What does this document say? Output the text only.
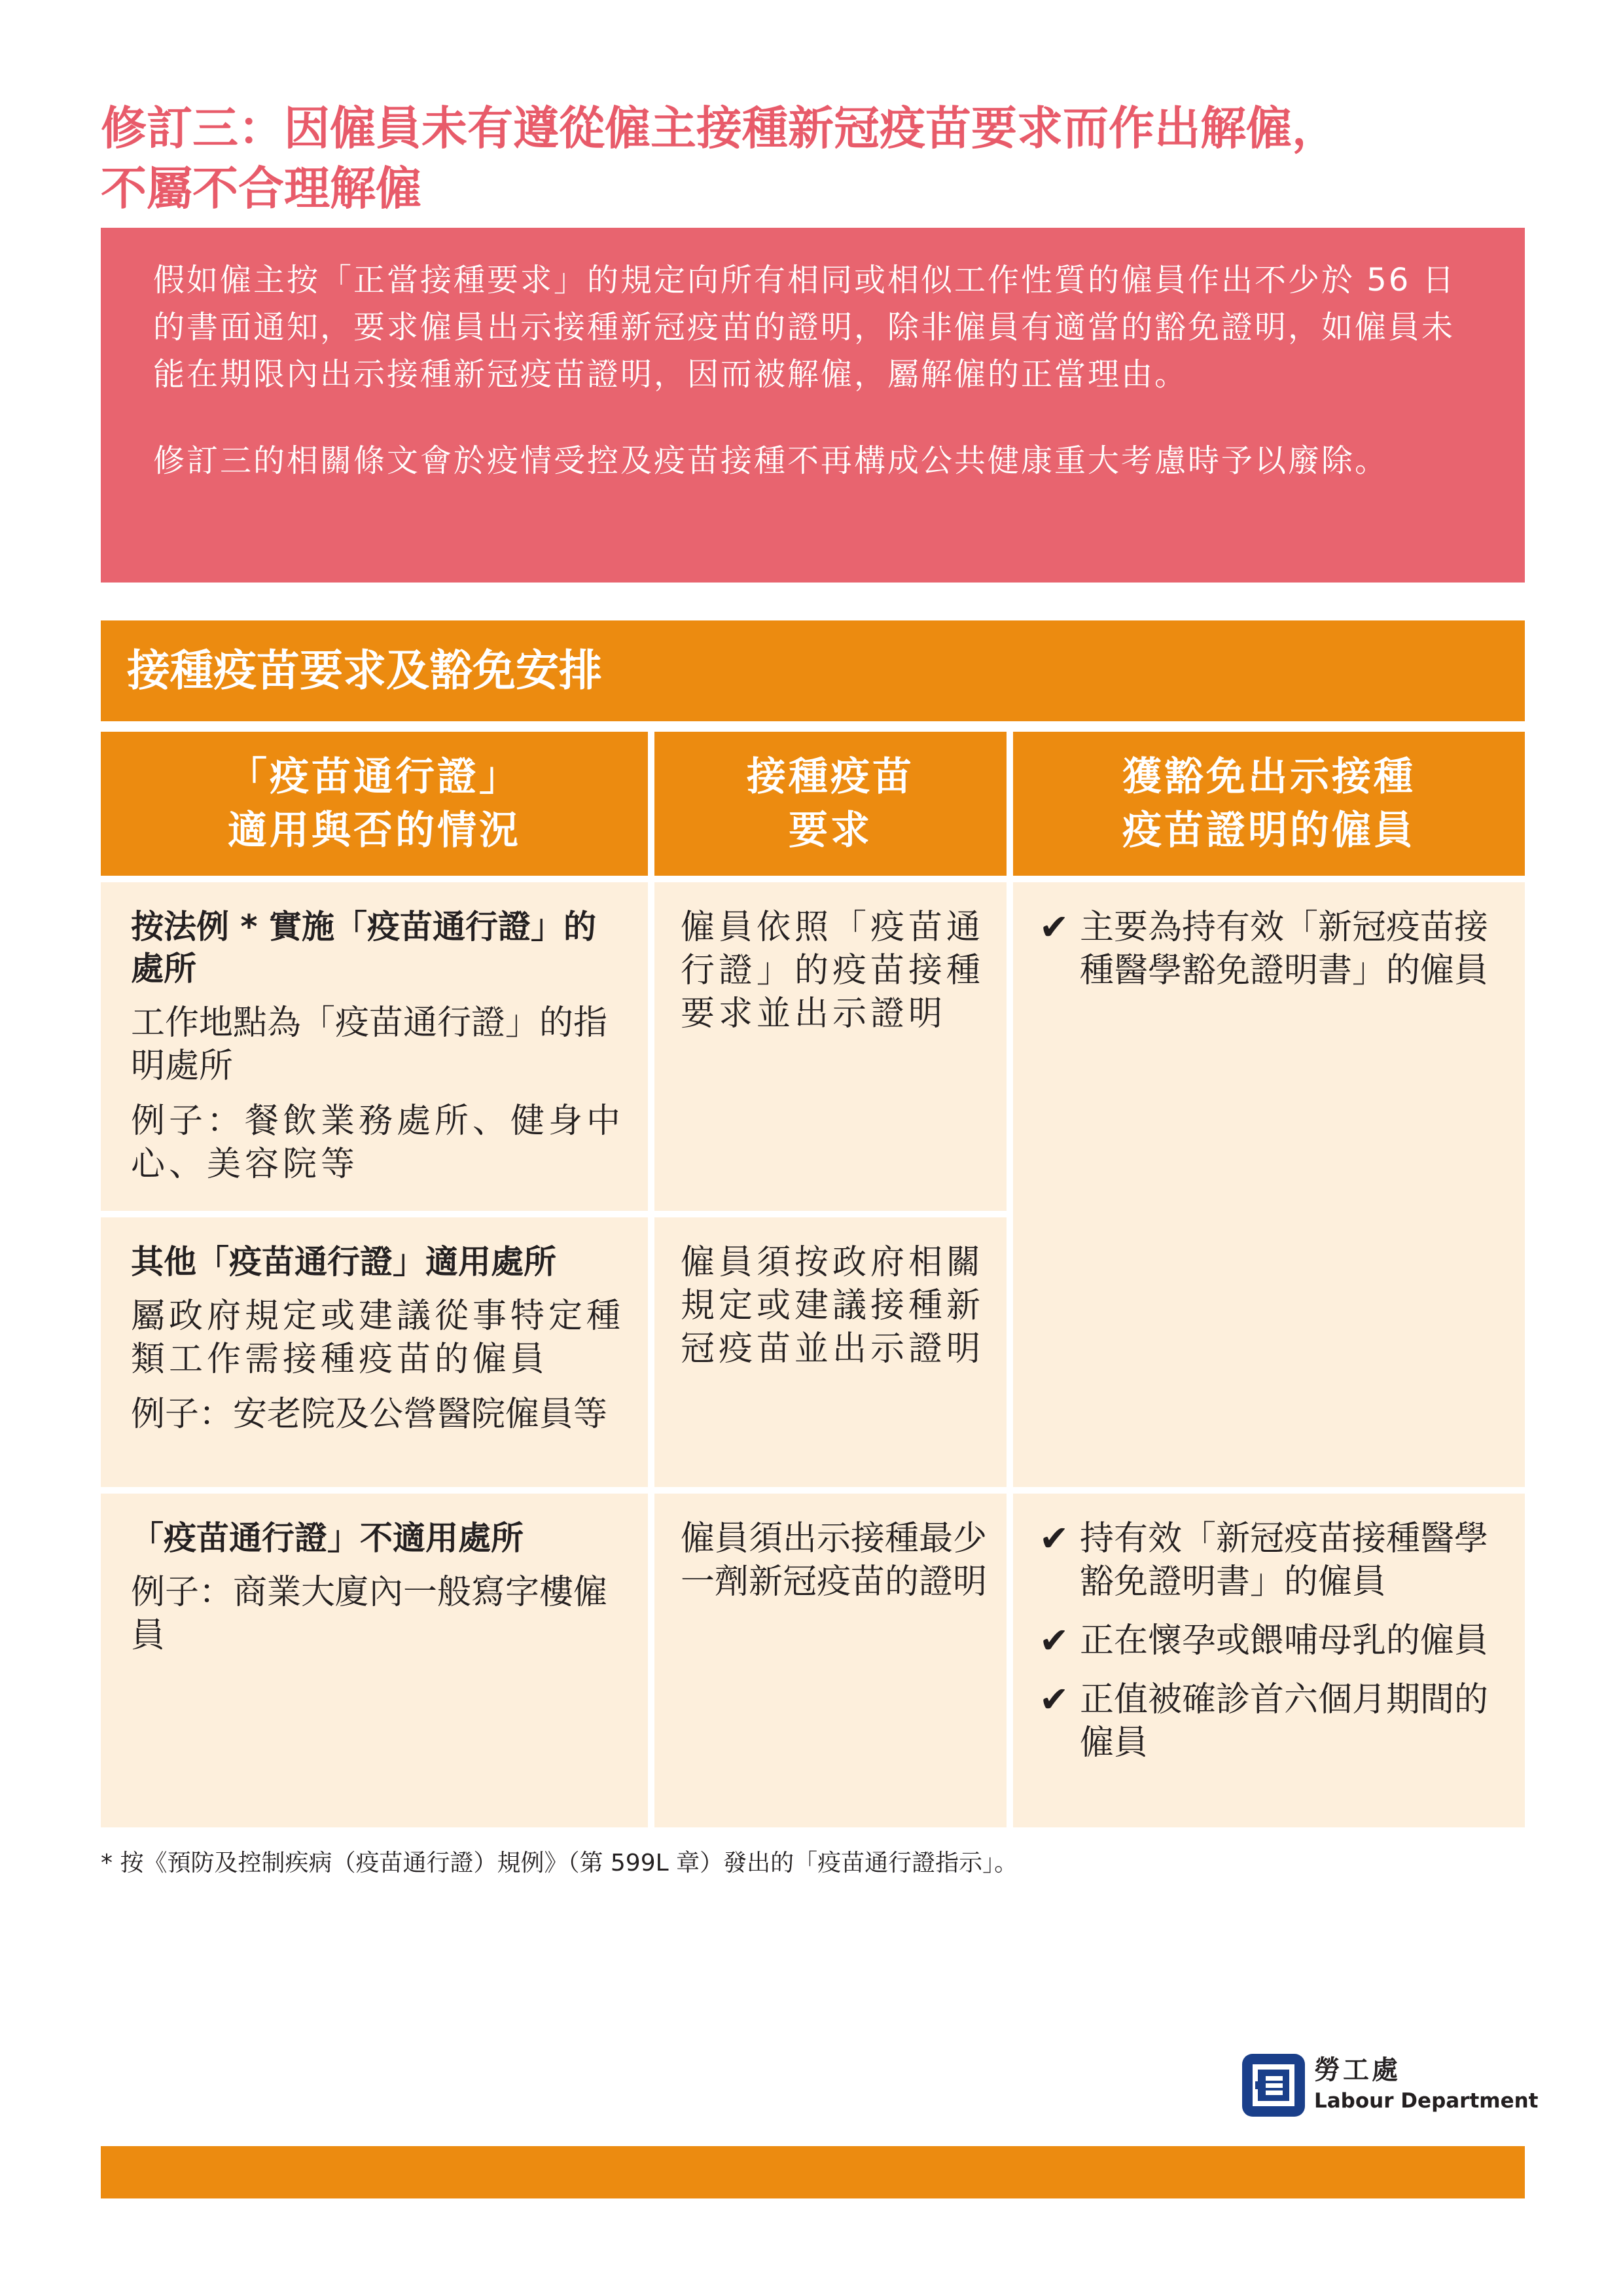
修訂三：因僱員未有遵從僱主接種新冠疫苗要求而作出解僱，
不屬不合理解僱

假如僱主按「正當接種要求」的規定向所有相同或相似工作性質的僱員作出不少於 56 日的書面通知，要求僱員出示接種新冠疫苗的證明，除非僱員有適當的豁免證明，如僱員未能在期限內出示接種新冠疫苗證明，因而被解僱，屬解僱的正當理由。

修訂三的相關條文會於疫情受控及疫苗接種不再構成公共健康重大考慮時予以廢除。

接種疫苗要求及豁免安排
「疫苗通行證」
適用與否的情況
接種疫苗
要求
獲豁免出示接種
疫苗證明的僱員
按法例 * 實施「疫苗通行證」的處所
工作地點為「疫苗通行證」的指明處所
例子：餐飲業務處所、健身中心、美容院等
僱員依照「疫苗通行證」的疫苗接種要求並出示證明
其他「疫苗通行證」適用處所
屬政府規定或建議從事特定種類工作需接種疫苗的僱員
例子：安老院及公營醫院僱員等
僱員須按政府相關規定或建議接種新冠疫苗並出示證明
✔ 主要為持有效「新冠疫苗接種醫學豁免證明書」的僱員
「疫苗通行證」不適用處所
例子：商業大廈內一般寫字樓僱員
僱員須出示接種最少一劑新冠疫苗的證明
✔ 持有效「新冠疫苗接種醫學豁免證明書」的僱員
✔ 正在懷孕或餵哺母乳的僱員
✔ 正值被確診首六個月期間的僱員
* 按《預防及控制疾病（疫苗通行證）規例》（第 599L 章）發出的「疫苗通行證指示」。
勞工處
Labour Department
